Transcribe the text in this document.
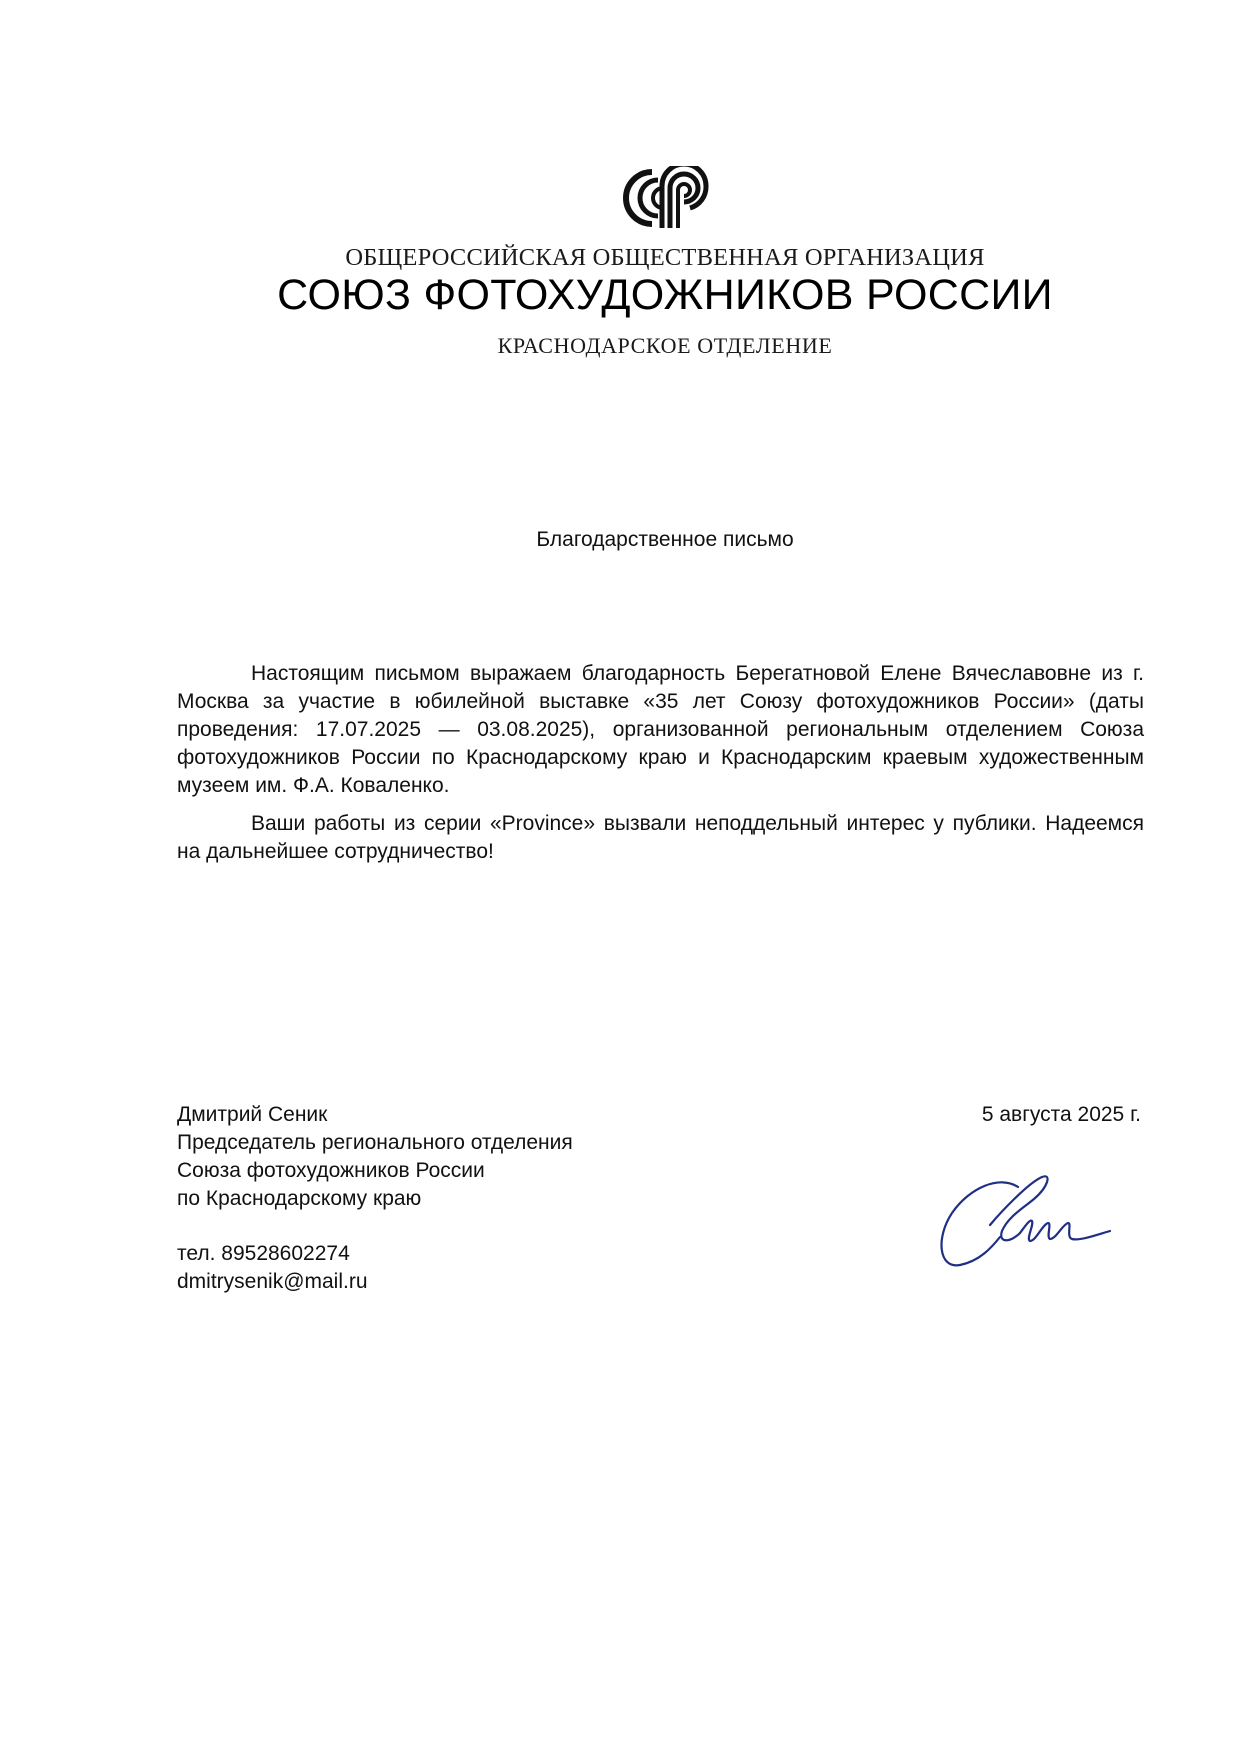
ОБЩЕРОССИЙСКАЯ ОБЩЕСТВЕННАЯ ОРГАНИЗАЦИЯ
СОЮЗ ФОТОХУДОЖНИКОВ РОССИИ
КРАСНОДАРСКОЕ ОТДЕЛЕНИЕ
Благодарственное письмо

Настоящим письмом выражаем благодарность Берегатновой Елене Вячеславовне из г. Москва за участие в юбилейной выставке «35 лет Союзу фотохудожников России» (даты проведения: 17.07.2025 — 03.08.2025), организованной региональным отделением Союза фотохудожников России по Краснодарскому краю и Краснодарским краевым художественным музеем им. Ф.А. Коваленко.

Ваши работы из серии «Province» вызвали неподдельный интерес у публики. Надеемся на дальнейшее сотрудничество!

Дмитрий Сеник
Председатель регионального отделения
Союза фотохудожников России
по Краснодарскому краю
тел. 89528602274
dmitrysenik@mail.ru
5 августа 2025 г.
